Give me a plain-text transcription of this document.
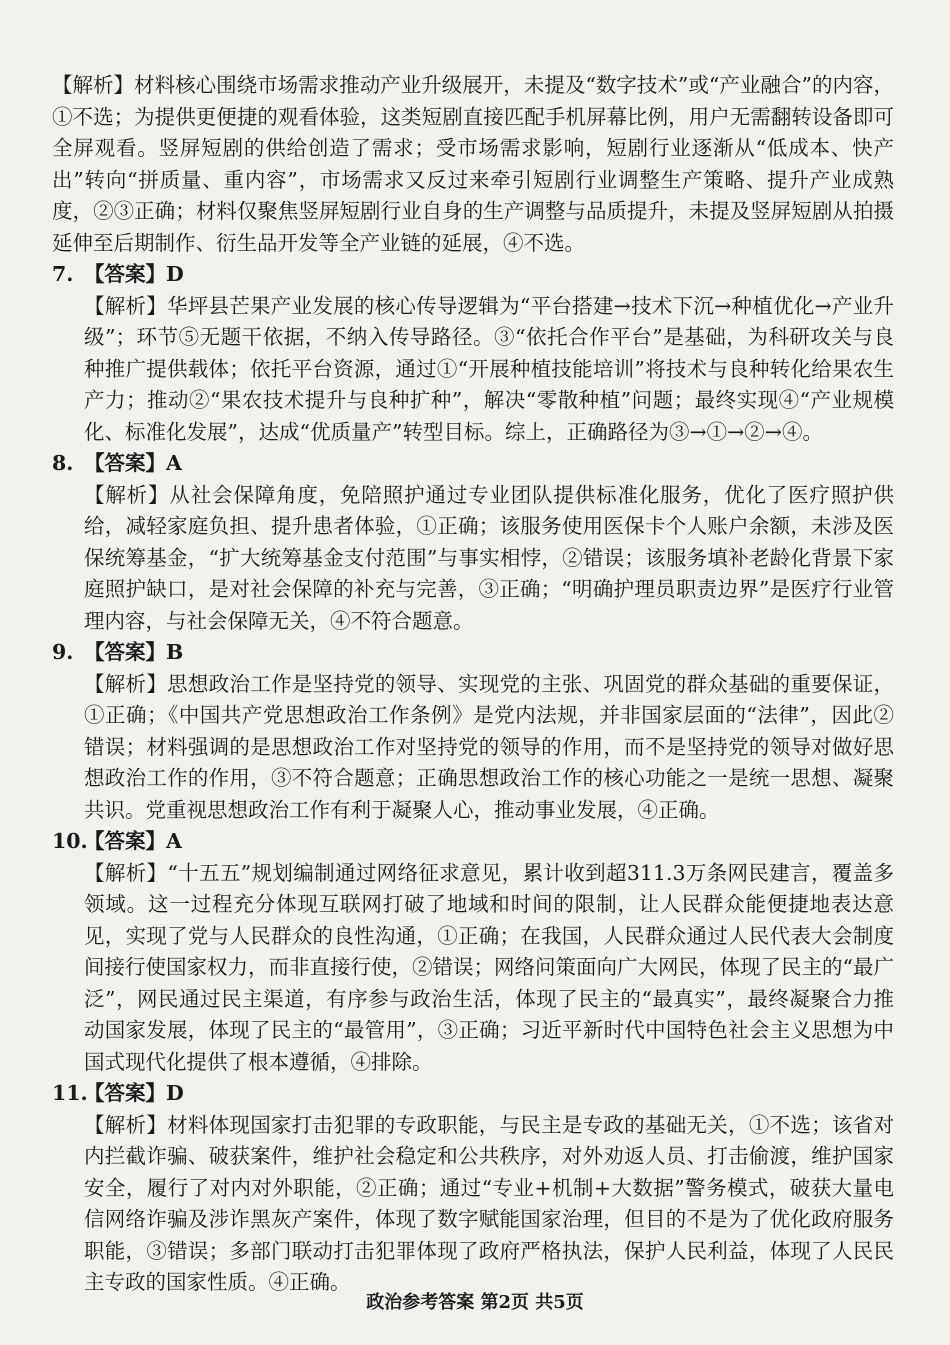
【解析】材料核心围绕市场需求推动产业升级展开，未提及“数字技术”或“产业融合”的内容，①不选；为提供更便捷的观看体验，这类短剧直接匹配手机屏幕比例，用户无需翻转设备即可全屏观看。竖屏短剧的供给创造了需求；受市场需求影响，短剧行业逐渐从“低成本、快产出”转向“拼质量、重内容”，市场需求又反过来牵引短剧行业调整生产策略、提升产业成熟度，②③正确；材料仅聚焦竖屏短剧行业自身的生产调整与品质提升，未提及竖屏短剧从拍摄延伸至后期制作、衍生品开发等全产业链的延展，④不选。

7. 【答案】D

【解析】华坪县芒果产业发展的核心传导逻辑为“平台搭建→技术下沉→种植优化→产业升级”；环节⑤无题干依据，不纳入传导路径。③“依托合作平台”是基础，为科研攻关与良种推广提供载体；依托平台资源，通过①“开展种植技能培训”将技术与良种转化给果农生产力；推动②“果农技术提升与良种扩种”，解决“零散种植”问题；最终实现④“产业规模化、标准化发展”，达成“优质量产”转型目标。综上，正确路径为③→①→②→④。

8. 【答案】A

【解析】从社会保障角度，免陪照护通过专业团队提供标准化服务，优化了医疗照护供给，减轻家庭负担、提升患者体验，①正确；该服务使用医保卡个人账户余额，未涉及医保统筹基金，“扩大统筹基金支付范围”与事实相悖，②错误；该服务填补老龄化背景下家庭照护缺口，是对社会保障的补充与完善，③正确；“明确护理员职责边界”是医疗行业管理内容，与社会保障无关，④不符合题意。

9. 【答案】B

【解析】思想政治工作是坚持党的领导、实现党的主张、巩固党的群众基础的重要保证，①正确；《中国共产党思想政治工作条例》是党内法规，并非国家层面的“法律”，因此②错误；材料强调的是思想政治工作对坚持党的领导的作用，而不是坚持党的领导对做好思想政治工作的作用，③不符合题意；正确思想政治工作的核心功能之一是统一思想、凝聚共识。党重视思想政治工作有利于凝聚人心，推动事业发展，④正确。

10.【答案】A

【解析】“十五五”规划编制通过网络征求意见，累计收到超311.3万条网民建言，覆盖多领域。这一过程充分体现互联网打破了地域和时间的限制，让人民群众能便捷地表达意见，实现了党与人民群众的良性沟通，①正确；在我国，人民群众通过人民代表大会制度间接行使国家权力，而非直接行使，②错误；网络问策面向广大网民，体现了民主的“最广泛”，网民通过民主渠道，有序参与政治生活，体现了民主的“最真实”，最终凝聚合力推动国家发展，体现了民主的“最管用”，③正确；习近平新时代中国特色社会主义思想为中国式现代化提供了根本遵循，④排除。

11.【答案】D

【解析】材料体现国家打击犯罪的专政职能，与民主是专政的基础无关，①不选；该省对内拦截诈骗、破获案件，维护社会稳定和公共秩序，对外劝返人员、打击偷渡，维护国家安全，履行了对内对外职能，②正确；通过“专业+机制+大数据”警务模式，破获大量电信网络诈骗及涉诈黑灰产案件，体现了数字赋能国家治理，但目的不是为了优化政府服务职能，③错误；多部门联动打击犯罪体现了政府严格执法，保护人民利益，体现了人民民主专政的国家性质。④正确。

政治参考答案 第2页 共5页
